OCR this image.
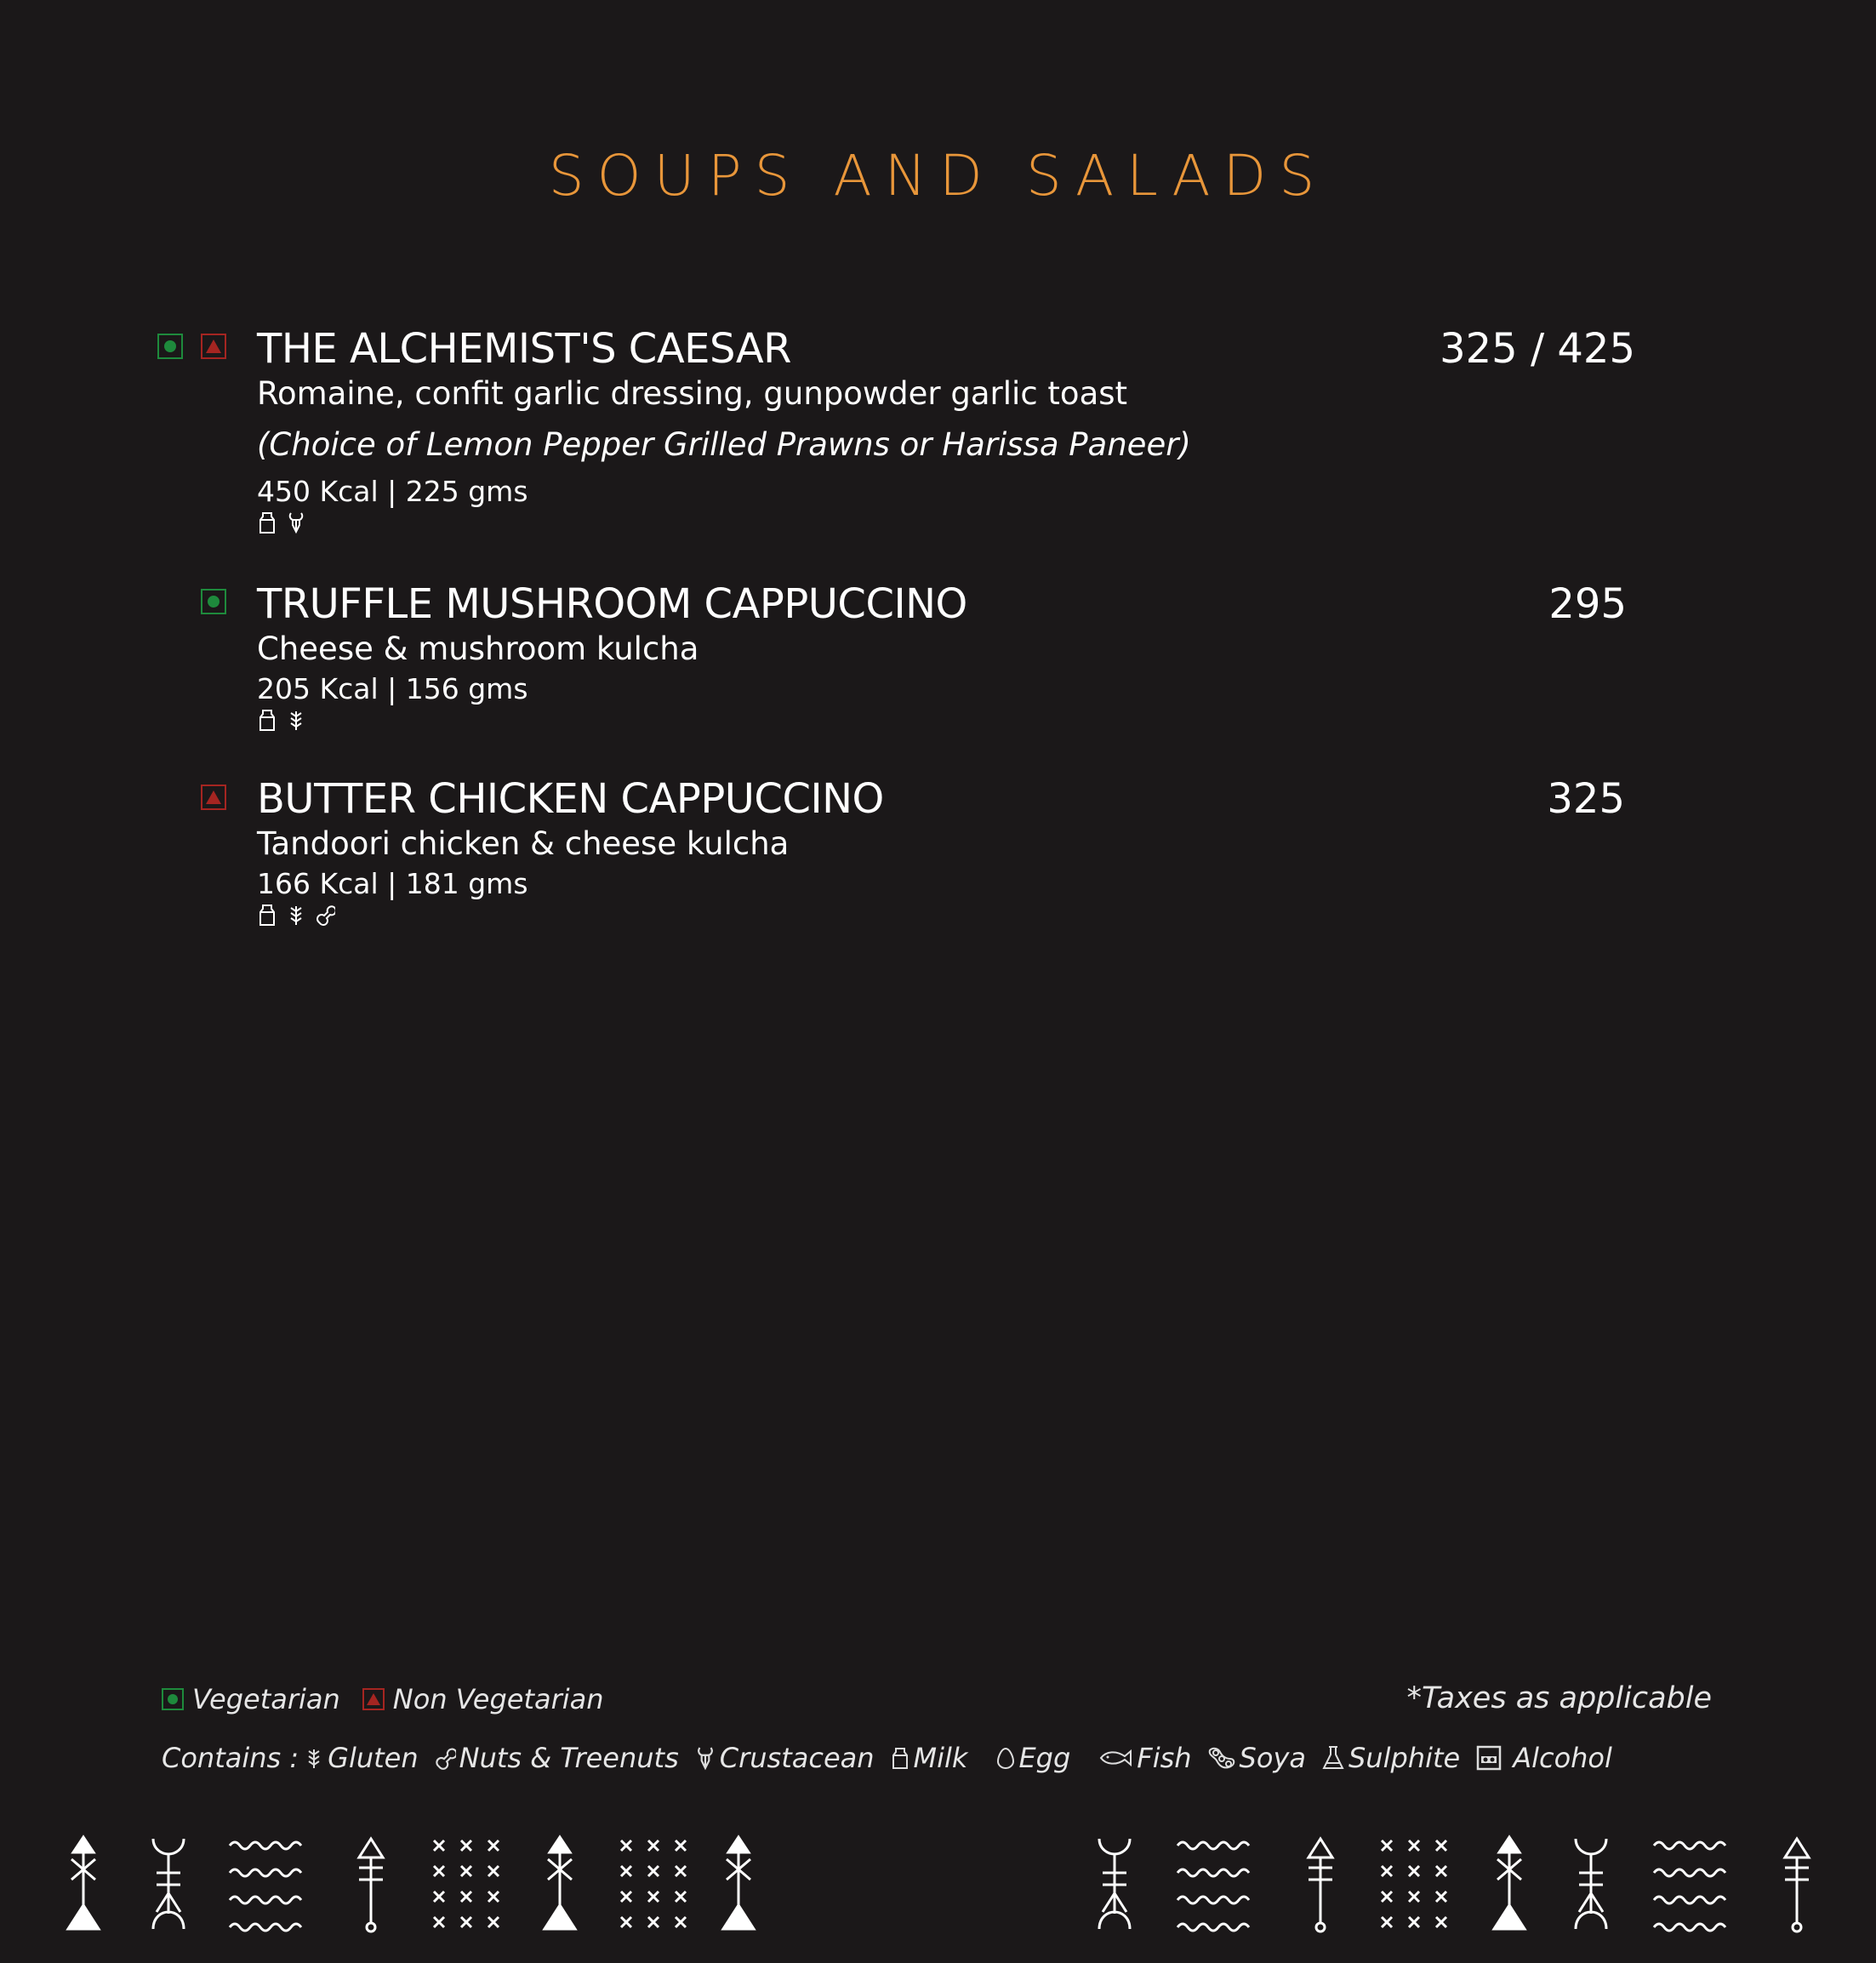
SOUPS AND SALADS
THE ALCHEMIST'S CAESAR	325 / 425
Romaine, confit garlic dressing, gunpowder garlic toast
(Choice of Lemon Pepper Grilled Prawns or Harissa Paneer)
450 Kcal | 225 gms
TRUFFLE MUSHROOM CAPPUCCINO	295
Cheese & mushroom kulcha
205 Kcal | 156 gms
BUTTER CHICKEN CAPPUCCINO	325
Tandoori chicken & cheese kulcha
166 Kcal | 181 gms
Vegetarian Non Vegetarian	*Taxes as applicable
Contains : Gluten Nuts & Treenuts Crustacean Milk Egg Fish Soya Sulphite Alcohol
